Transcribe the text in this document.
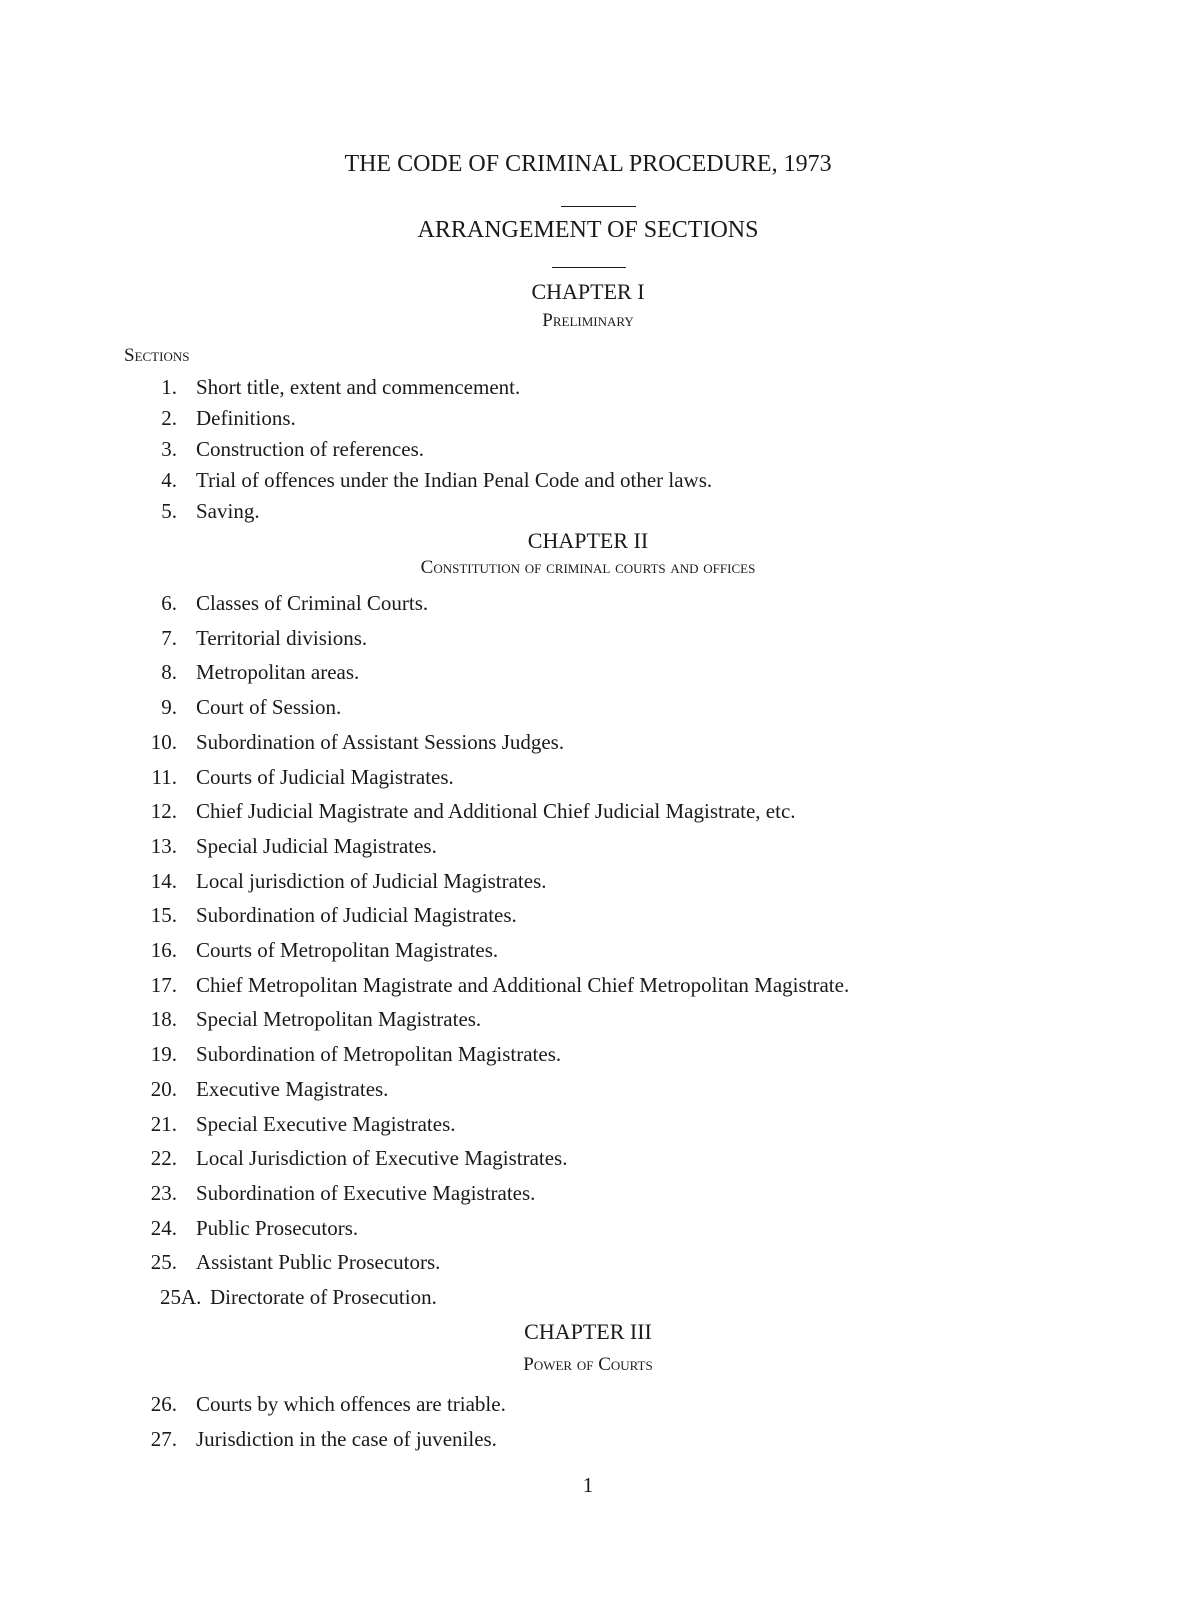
THE CODE OF CRIMINAL PROCEDURE, 1973
ARRANGEMENT OF SECTIONS
CHAPTER I
Preliminary
Sections
1. Short title, extent and commencement.
2. Definitions.
3. Construction of references.
4. Trial of offences under the Indian Penal Code and other laws.
5. Saving.
6. Classes of Criminal Courts.
7. Territorial divisions.
8. Metropolitan areas.
9. Court of Session.
10. Subordination of Assistant Sessions Judges.
11. Courts of Judicial Magistrates.
12. Chief Judicial Magistrate and Additional Chief Judicial Magistrate, etc.
13. Special Judicial Magistrates.
14. Local jurisdiction of Judicial Magistrates.
15. Subordination of Judicial Magistrates.
16. Courts of Metropolitan Magistrates.
17. Chief Metropolitan Magistrate and Additional Chief Metropolitan Magistrate.
18. Special Metropolitan Magistrates.
19. Subordination of Metropolitan Magistrates.
20. Executive Magistrates.
21. Special Executive Magistrates.
22. Local Jurisdiction of Executive Magistrates.
23. Subordination of Executive Magistrates.
24. Public Prosecutors.
25. Assistant Public Prosecutors.
25A. Directorate of Prosecution.
26. Courts by which offences are triable.
27. Jurisdiction in the case of juveniles.
CHAPTER II
Constitution of criminal courts and offices
CHAPTER III
Power of Courts
1
